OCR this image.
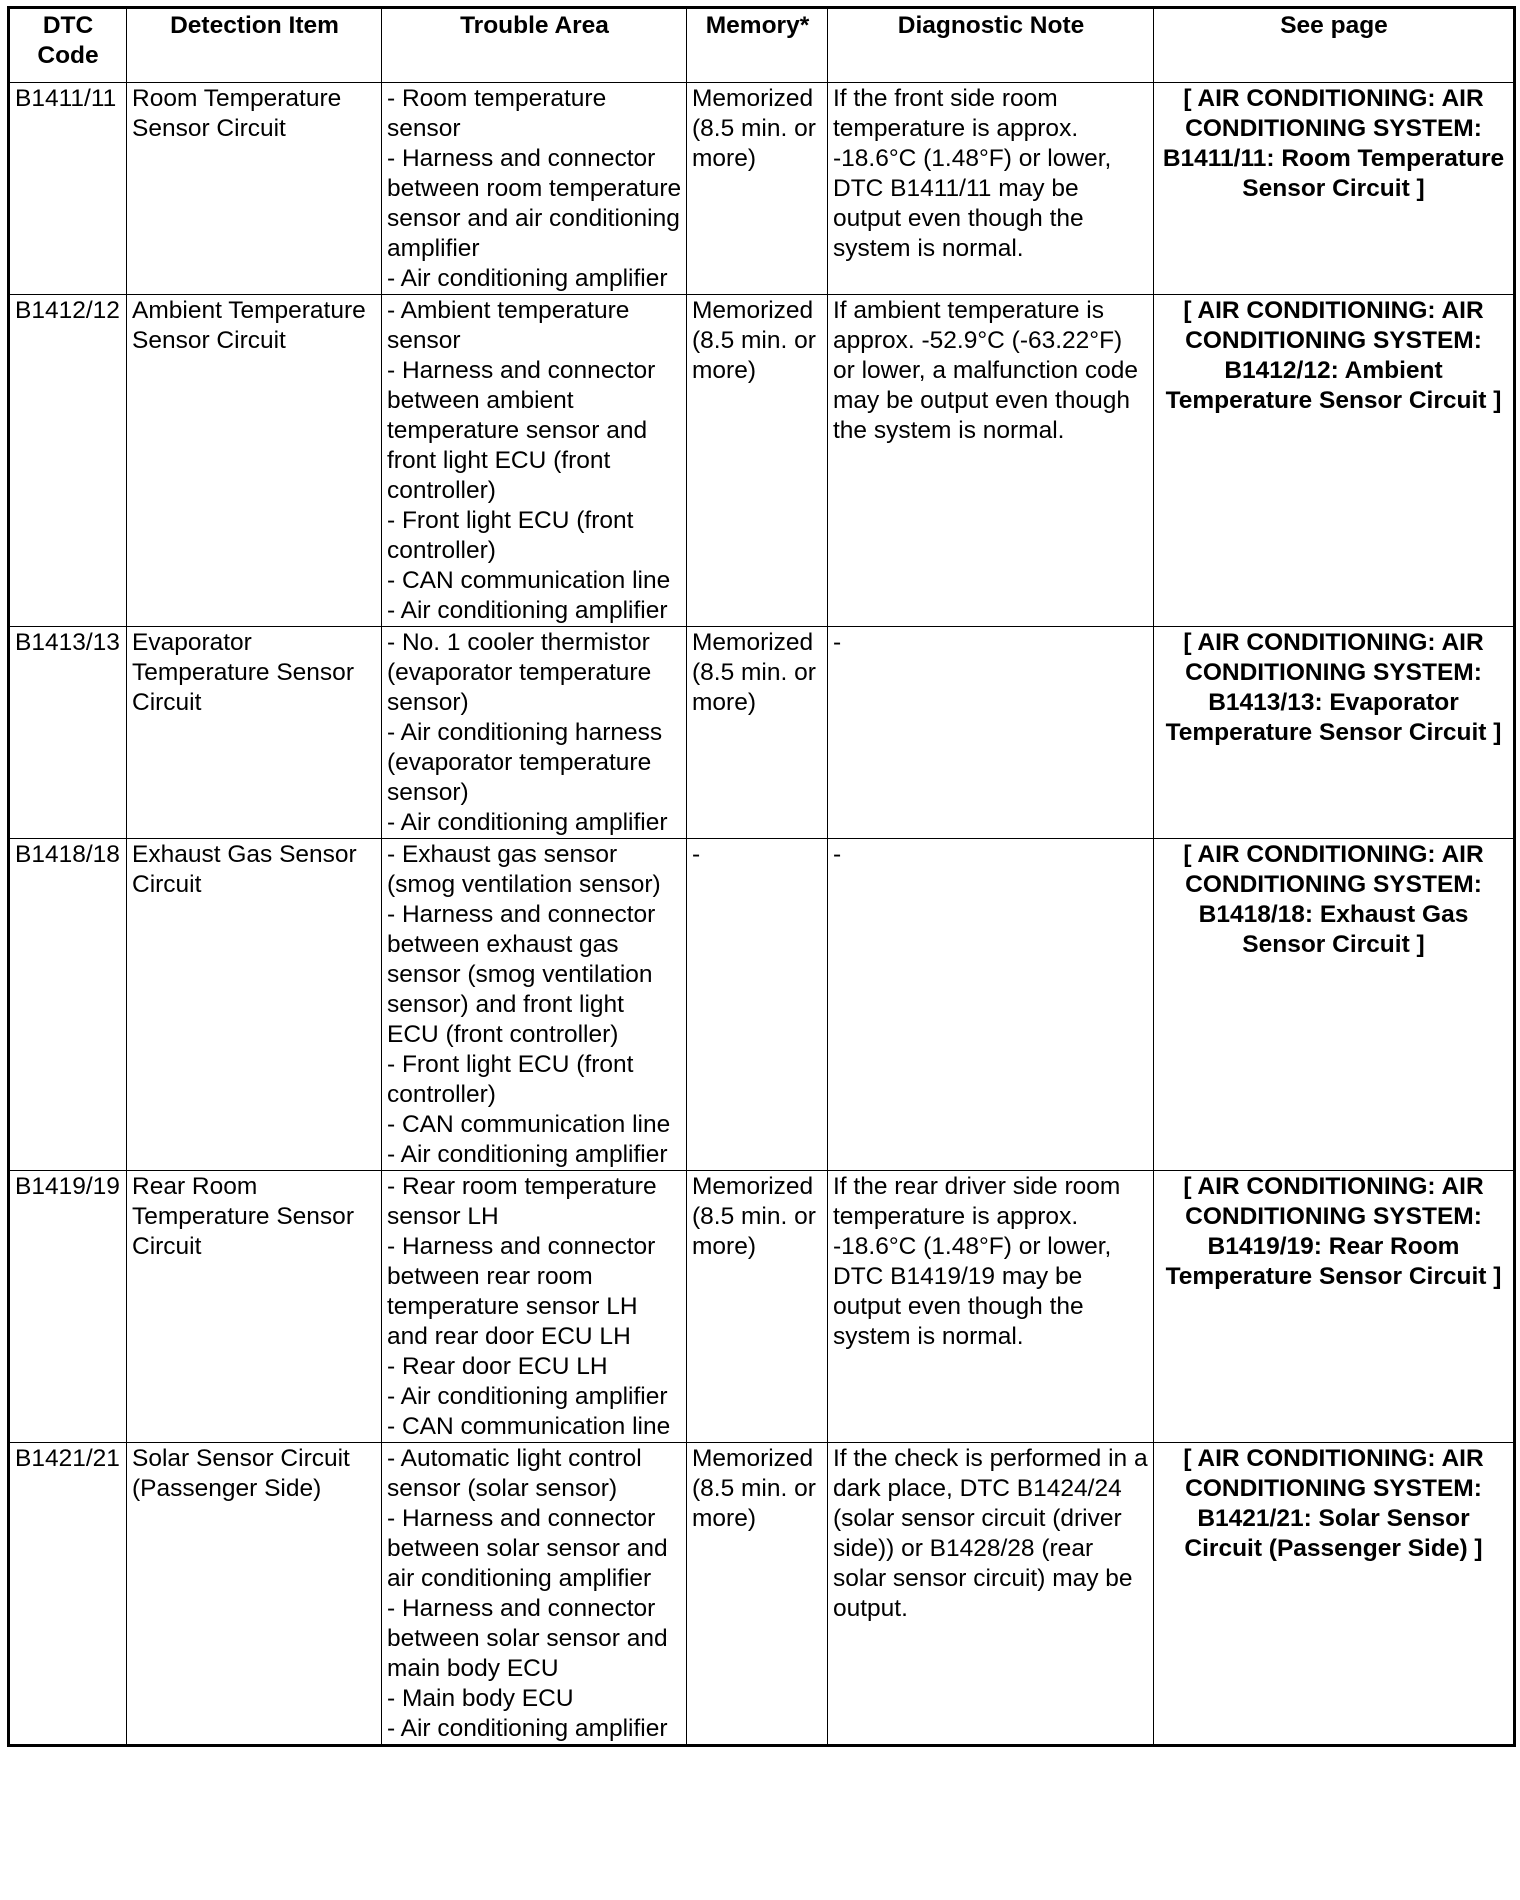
DTC Code	Detection Item	Trouble Area	Memory*	Diagnostic Note	See page
B1411/11	Room Temperature Sensor Circuit	- Room temperature sensor
- Harness and connector between room temperature sensor and air conditioning amplifier
- Air conditioning amplifier	Memorized (8.5 min. or more)	If the front side room temperature is approx. -18.6°C (1.48°F) or lower, DTC B1411/11 may be output even though the system is normal.	[ AIR CONDITIONING: AIR CONDITIONING SYSTEM: B1411/11: Room Temperature Sensor Circuit ]
B1412/12	Ambient Temperature Sensor Circuit	- Ambient temperature sensor
- Harness and connector between ambient temperature sensor and front light ECU (front controller)
- Front light ECU (front controller)
- CAN communication line
- Air conditioning amplifier	Memorized (8.5 min. or more)	If ambient temperature is approx. -52.9°C (-63.22°F) or lower, a malfunction code may be output even though the system is normal.	[ AIR CONDITIONING: AIR CONDITIONING SYSTEM: B1412/12: Ambient Temperature Sensor Circuit ]
B1413/13	Evaporator Temperature Sensor Circuit	- No. 1 cooler thermistor (evaporator temperature sensor)
- Air conditioning harness (evaporator temperature sensor)
- Air conditioning amplifier	Memorized (8.5 min. or more)	-	[ AIR CONDITIONING: AIR CONDITIONING SYSTEM: B1413/13: Evaporator Temperature Sensor Circuit ]
B1418/18	Exhaust Gas Sensor Circuit	- Exhaust gas sensor (smog ventilation sensor)
- Harness and connector between exhaust gas sensor (smog ventilation sensor) and front light ECU (front controller)
- Front light ECU (front controller)
- CAN communication line
- Air conditioning amplifier	-	-	[ AIR CONDITIONING: AIR CONDITIONING SYSTEM: B1418/18: Exhaust Gas Sensor Circuit ]
B1419/19	Rear Room Temperature Sensor Circuit	- Rear room temperature sensor LH
- Harness and connector between rear room temperature sensor LH and rear door ECU LH
- Rear door ECU LH
- Air conditioning amplifier
- CAN communication line	Memorized (8.5 min. or more)	If the rear driver side room temperature is approx. -18.6°C (1.48°F) or lower, DTC B1419/19 may be output even though the system is normal.	[ AIR CONDITIONING: AIR CONDITIONING SYSTEM: B1419/19: Rear Room Temperature Sensor Circuit ]
B1421/21	Solar Sensor Circuit (Passenger Side)	- Automatic light control sensor (solar sensor)
- Harness and connector between solar sensor and air conditioning amplifier
- Harness and connector between solar sensor and main body ECU
- Main body ECU
- Air conditioning amplifier	Memorized (8.5 min. or more)	If the check is performed in a dark place, DTC B1424/24 (solar sensor circuit (driver side)) or B1428/28 (rear solar sensor circuit) may be output.	[ AIR CONDITIONING: AIR CONDITIONING SYSTEM: B1421/21: Solar Sensor Circuit (Passenger Side) ]
